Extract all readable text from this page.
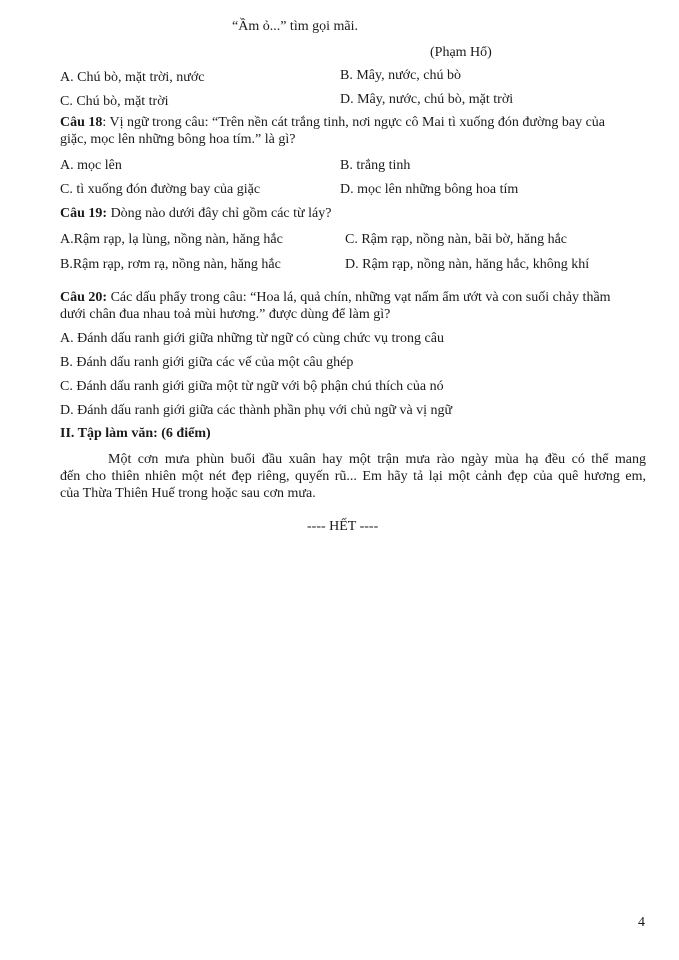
“Ầm ỏ...” tìm gọi mãi.
(Phạm Hổ)
A. Chú bò, mặt trời, nước	B. Mây, nước, chú bò
C. Chú bò, mặt trời	D. Mây, nước, chú bò, mặt trời
Câu 18: Vị ngữ trong câu: “Trên nền cát trắng tinh, nơi ngực cô Mai tì xuống đón đường bay của
giặc, mọc lên những bông hoa tím.” là gì?
A. mọc lên	B. trắng tinh
C. tì xuống đón đường bay của giặc	D. mọc lên những bông hoa tím
Câu 19: Dòng nào dưới đây chỉ gồm các từ láy?
A.Rậm rạp, lạ lùng, nồng nàn, hăng hắc	C. Rậm rạp, nồng nàn, bãi bờ, hăng hắc
B.Rậm rạp, rơm rạ, nồng nàn, hăng hắc	D. Rậm rạp, nồng nàn, hăng hắc, không khí
Câu 20: Các dấu phẩy trong câu: “Hoa lá, quả chín, những vạt nấm ẩm ướt và con suối chảy thầm
dưới chân đua nhau toả mùi hương.” được dùng để làm gì?
A. Đánh dấu ranh giới giữa những từ ngữ có cùng chức vụ trong câu
B. Đánh dấu ranh giới giữa các vế của một câu ghép
C. Đánh dấu ranh giới giữa một từ ngữ với bộ phận chú thích của nó
D. Đánh dấu ranh giới giữa các thành phần phụ với chủ ngữ và vị ngữ
II. Tập làm văn: (6 điểm)
Một cơn mưa phùn buổi đầu xuân hay một trận mưa rào ngày mùa hạ đều có thể mang
đến cho thiên nhiên một nét đẹp riêng, quyến rũ... Em hãy tả lại một cảnh đẹp của quê hương em,
của Thừa Thiên Huế trong hoặc sau cơn mưa.
---- HẾT ----
4
